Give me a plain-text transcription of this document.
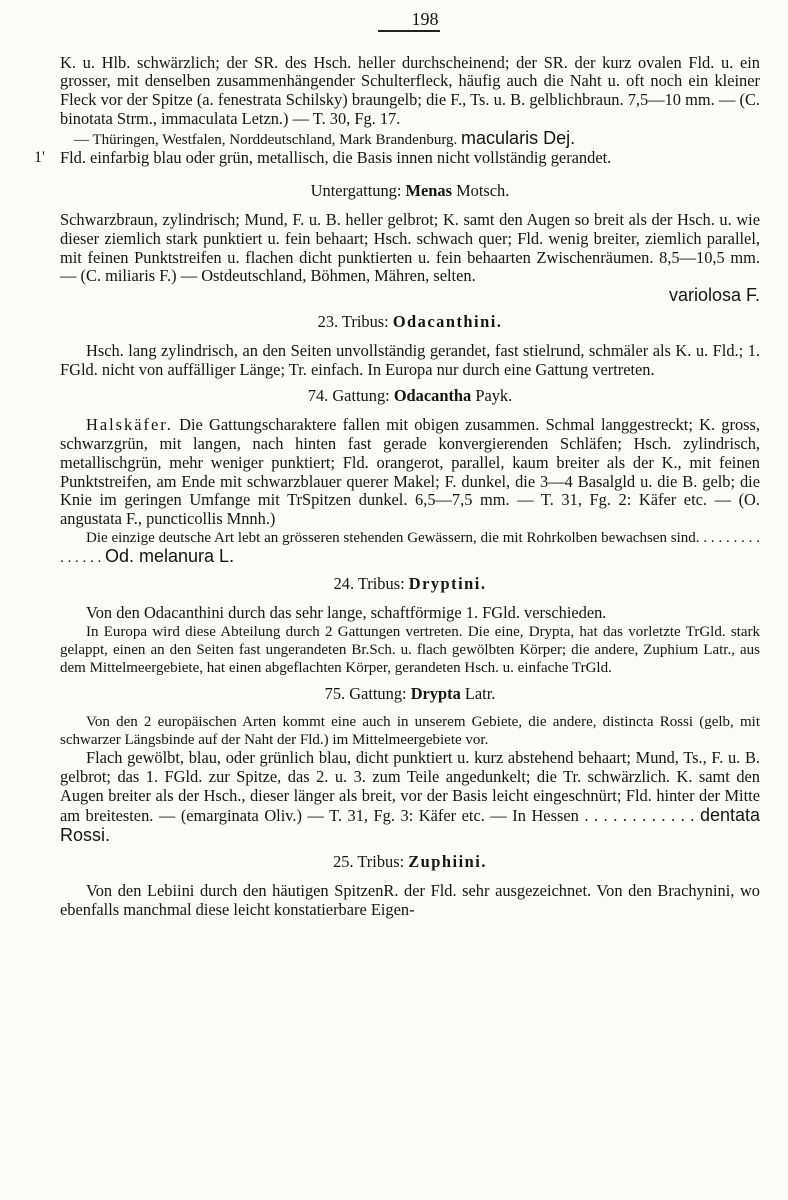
198

K. u. Hlb. schwärzlich; der SR. des Hsch. heller durchscheinend; der SR. der kurz ovalen Fld. u. ein grosser, mit denselben zusammenhängender Schulterfleck, häufig auch die Naht u. oft noch ein kleiner Fleck vor der Spitze (a. fenestrata Schilsky) braungelb; die F., Ts. u. B. gelblichbraun. 7,5—10 mm. — (C. binotata Strm., immaculata Letzn.) — T. 30, Fg. 17.

— Thüringen, Westfalen, Norddeutschland, Mark Brandenburg. macularis Dej.

1' Fld. einfarbig blau oder grün, metallisch, die Basis innen nicht vollständig gerandet.

Untergattung: Menas Motsch.

Schwarzbraun, zylindrisch; Mund, F. u. B. heller gelbrot; K. samt den Augen so breit als der Hsch. u. wie dieser ziemlich stark punktiert u. fein behaart; Hsch. schwach quer; Fld. wenig breiter, ziemlich parallel, mit feinen Punktstreifen u. flachen dicht punktierten u. fein behaarten Zwischenräumen. 8,5—10,5 mm. — (C. miliaris F.) — Ostdeutschland, Böhmen, Mähren, selten.

variolosa F.

23. Tribus: Odacanthini.

Hsch. lang zylindrisch, an den Seiten unvollständig gerandet, fast stielrund, schmäler als K. u. Fld.; 1. FGld. nicht von auffälliger Länge; Tr. einfach. In Europa nur durch eine Gattung vertreten.

74. Gattung: Odacantha Payk.

Halskäfer. Die Gattungscharaktere fallen mit obigen zusammen. Schmal langgestreckt; K. gross, schwarzgrün, mit langen, nach hinten fast gerade konvergierenden Schläfen; Hsch. zylindrisch, metallischgrün, mehr weniger punktiert; Fld. orangerot, parallel, kaum breiter als der K., mit feinen Punktstreifen, am Ende mit schwarzblauer querer Makel; F. dunkel, die 3—4 Basalgld u. die B. gelb; die Knie im geringen Umfange mit TrSpitzen dunkel. 6,5—7,5 mm. — T. 31, Fg. 2: Käfer etc. — (O. angustata F., puncticollis Mnnh.)

Die einzige deutsche Art lebt an grösseren stehenden Gewässern, die mit Rohrkolben bewachsen sind. . . . . . . . . . . . . . . Od. melanura L.

24. Tribus: Dryptini.

Von den Odacanthini durch das sehr lange, schaftförmige 1. FGld. verschieden.

In Europa wird diese Abteilung durch 2 Gattungen vertreten. Die eine, Drypta, hat das vorletzte TrGld. stark gelappt, einen an den Seiten fast ungerandeten Br.Sch. u. flach gewölbten Körper; die andere, Zuphium Latr., aus dem Mittelmeergebiete, hat einen abgeflachten Körper, gerandeten Hsch. u. einfache TrGld.

75. Gattung: Drypta Latr.

Von den 2 europäischen Arten kommt eine auch in unserem Gebiete, die andere, distincta Rossi (gelb, mit schwarzer Längsbinde auf der Naht der Fld.) im Mittelmeergebiete vor.

Flach gewölbt, blau, oder grünlich blau, dicht punktiert u. kurz abstehend behaart; Mund, Ts., F. u. B. gelbrot; das 1. FGld. zur Spitze, das 2. u. 3. zum Teile angedunkelt; die Tr. schwärzlich. K. samt den Augen breiter als der Hsch., dieser länger als breit, vor der Basis leicht eingeschnürt; Fld. hinter der Mitte am breitesten. — (emarginata Oliv.) — T. 31, Fg. 3: Käfer etc. — In Hessen . . . . . . . . . . . . dentata Rossi.

25. Tribus: Zuphiini.

Von den Lebiini durch den häutigen SpitzenR. der Fld. sehr ausgezeichnet. Von den Brachynini, wo ebenfalls manchmal diese leicht konstatierbare Eigen-
